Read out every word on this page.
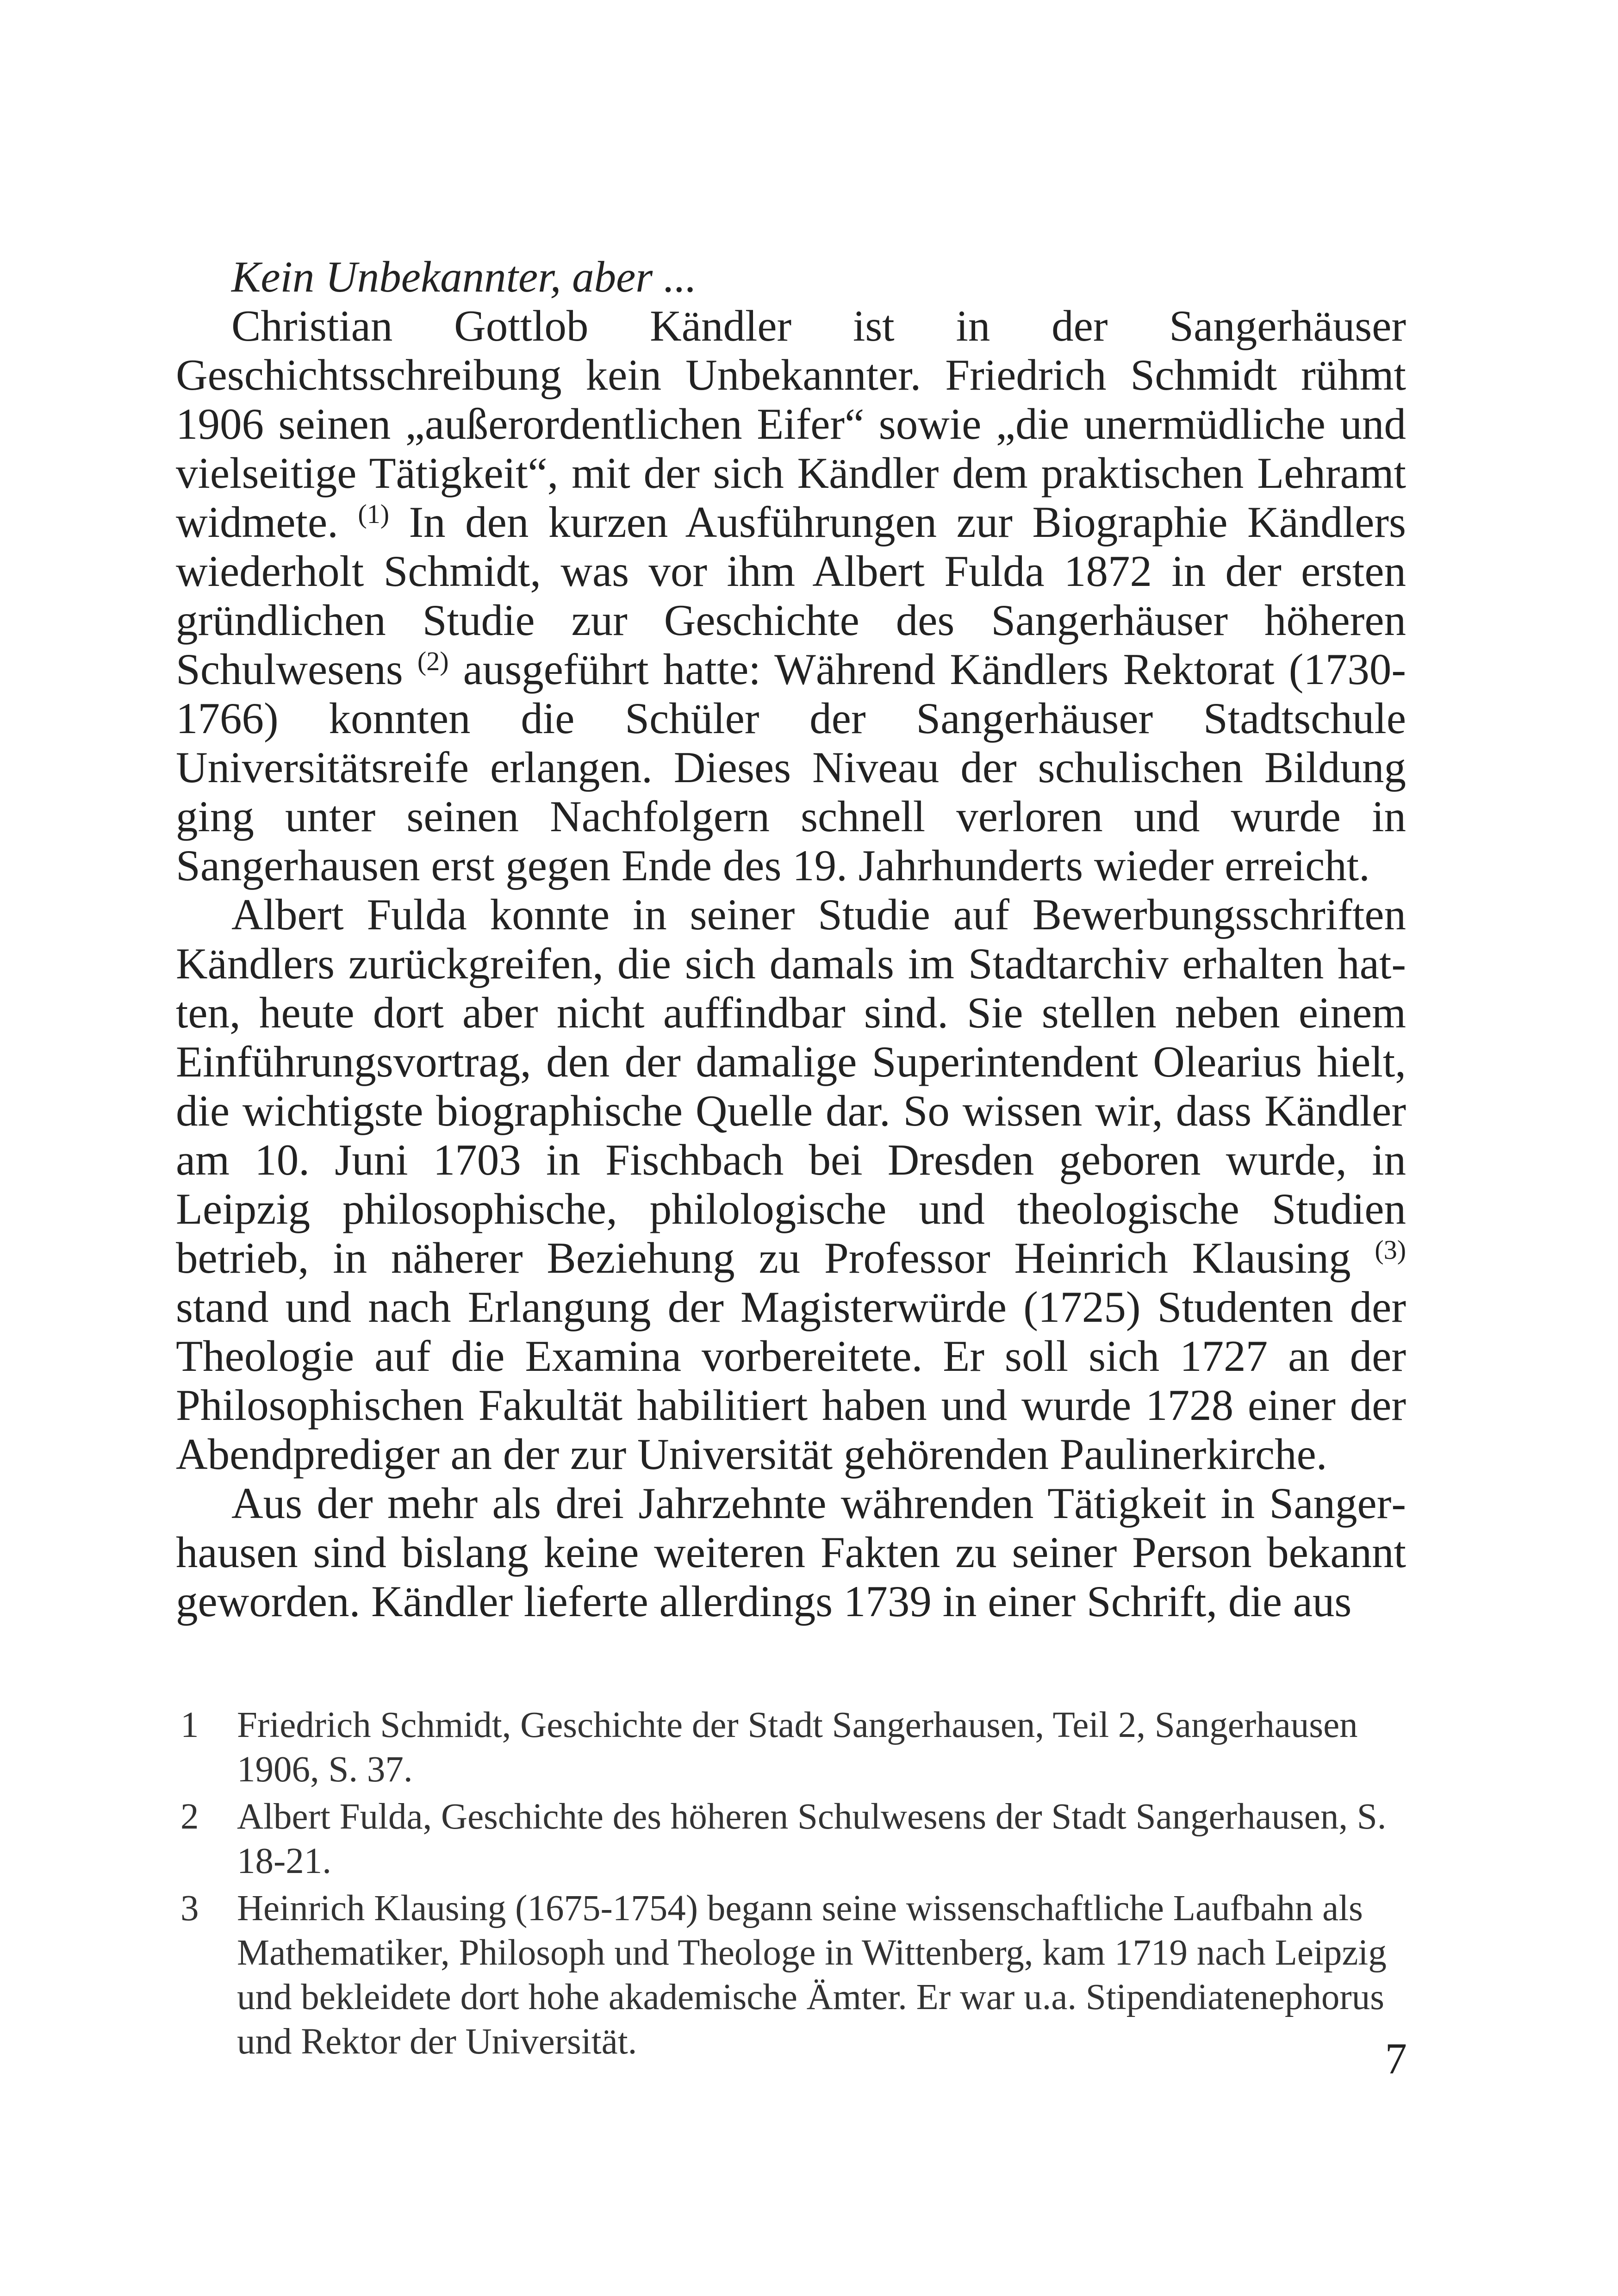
Kein Unbekannter, aber ...

Christian Gottlob Kändler ist in der Sangerhäuser Geschichtsschreibung kein Unbekannter. Friedrich Schmidt rühmt 1906 seinen „außerordentlichen Eifer“ sowie „die unermüdliche und vielseitige Tätigkeit“, mit der sich Kändler dem praktischen Lehramt widmete. $^{(1)}$ In den kurzen Ausführungen zur Biographie Kändlers wiederholt Schmidt, was vor ihm Albert Fulda 1872 in der ersten gründlichen Studie zur Geschichte des Sangerhäuser höheren Schulwesens $^{(2)}$ ausgeführt hatte: Während Kändlers Rektorat (1730-1766) konnten die Schüler der Sangerhäuser Stadtschule Universitätsreife erlangen. Dieses Niveau der schulischen Bildung ging unter seinen Nachfolgern schnell verloren und wurde in Sangerhausen erst gegen Ende des 19. Jahrhunderts wieder erreicht.

Albert Fulda konnte in seiner Studie auf Bewerbungsschriften Kändlers zurückgreifen, die sich damals im Stadtarchiv erhalten hatten, heute dort aber nicht auffindbar sind. Sie stellen neben einem Einführungsvortrag, den der damalige Superintendent Olearius hielt, die wichtigste biographische Quelle dar. So wissen wir, dass Kändler am 10. Juni 1703 in Fischbach bei Dresden geboren wurde, in Leipzig philosophische, philologische und theologische Studien betrieb, in näherer Beziehung zu Professor Heinrich Klausing $^{(3)}$ stand und nach Erlangung der Magisterwürde (1725) Studenten der Theologie auf die Examina vorbereitete. Er soll sich 1727 an der Philosophischen Fakultät habilitiert haben und wurde 1728 einer der Abendprediger an der zur Universität gehörenden Paulinerkirche.

Aus der mehr als drei Jahrzehnte währenden Tätigkeit in Sangerhausen sind bislang keine weiteren Fakten zu seiner Person bekannt geworden. Kändler lieferte allerdings 1739 in einer Schrift, die aus

1	Friedrich Schmidt, Geschichte der Stadt Sangerhausen, Teil 2, Sangerhausen 1906, S. 37.
2	Albert Fulda, Geschichte des höheren Schulwesens der Stadt Sangerhausen, S. 18-21.
3	Heinrich Klausing (1675-1754) begann seine wissenschaftliche Laufbahn als Mathematiker, Philosoph und Theologe in Wittenberg, kam 1719 nach Leipzig und bekleidete dort hohe akademische Ämter. Er war u.a. Stipendiatenephorus und Rektor der Universität.	7
